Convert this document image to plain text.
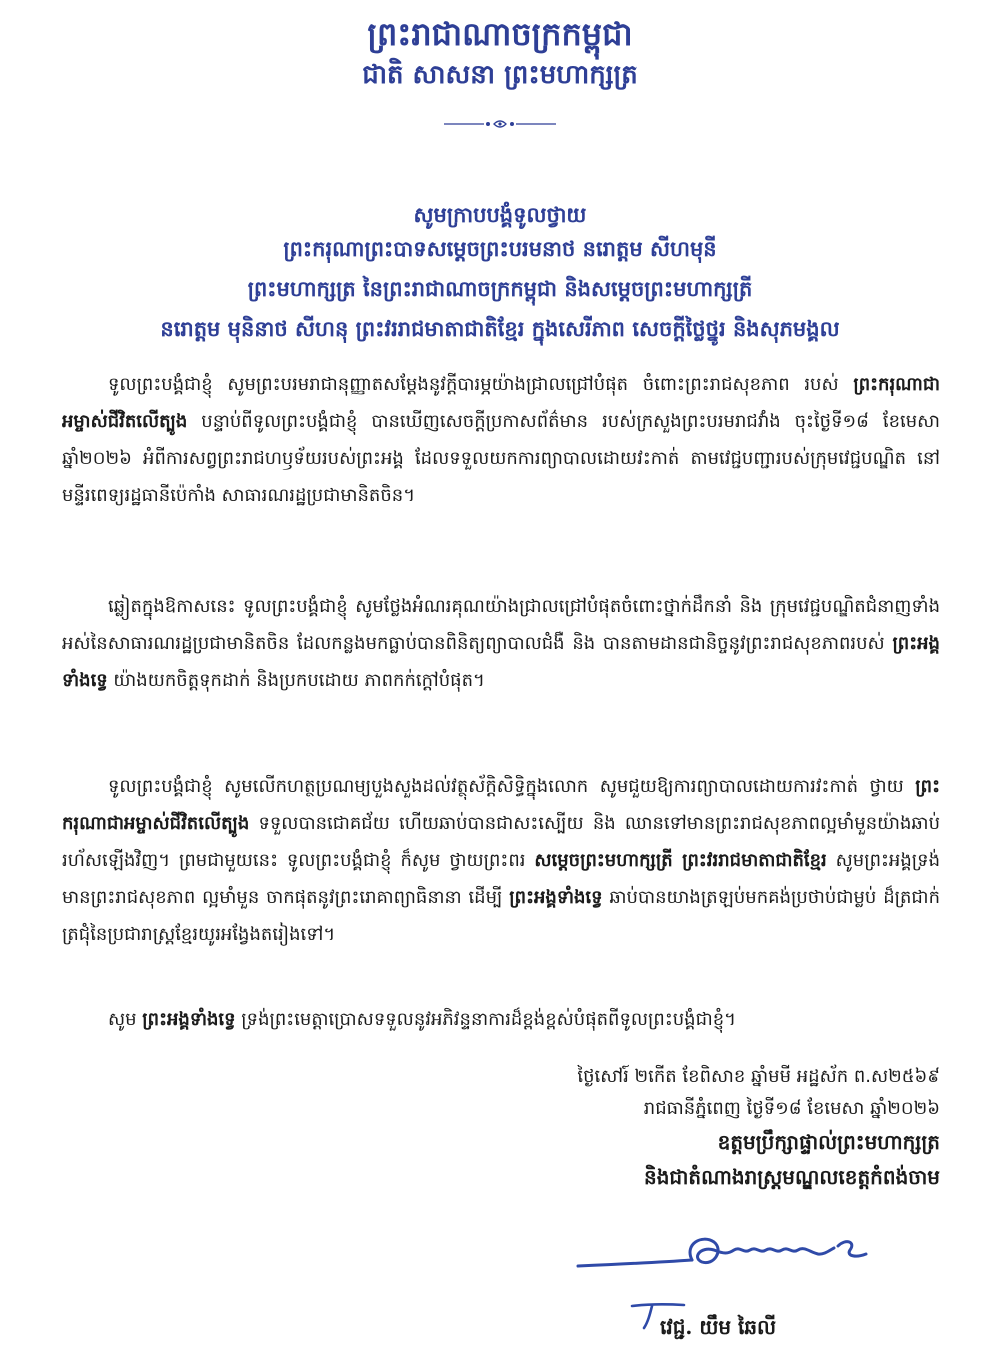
ព្រះរាជាណាចក្រកម្ពុជា
ជាតិ សាសនា ព្រះមហាក្សត្រ
សូមក្រាបបង្គំទូលថ្វាយ
ព្រះករុណាព្រះបាទសម្តេចព្រះបរមនាថ នរោត្តម សីហមុនី
ព្រះមហាក្សត្រ នៃព្រះរាជាណាចក្រកម្ពុជា និងសម្តេចព្រះមហាក្សត្រី
នរោត្តម មុនិនាថ សីហនុ ព្រះវររាជមាតាជាតិខ្មែរ ក្នុងសេរីភាព សេចក្តីថ្លៃថ្នូរ និងសុភមង្គល
ទូលព្រះបង្គំជាខ្ញុំ សូមព្រះបរមរាជានុញ្ញាតសម្តែងនូវក្តីបារម្ភយ៉ាងជ្រាលជ្រៅបំផុត ចំពោះព្រះរាជសុខភាព របស់ ព្រះករុណាជាអម្ចាស់ជីវិតលើត្បូង បន្ទាប់ពីទូលព្រះបង្គំជាខ្ញុំ បានឃើញសេចក្តីប្រកាសព័ត៌មាន របស់ក្រសួងព្រះបរមរាជវាំង ចុះថ្ងៃទី១៨ ខែមេសា ឆ្នាំ២០២៦ អំពីការសព្វព្រះរាជហឫទ័យរបស់ព្រះអង្គ ដែលទទួលយកការព្យាបាលដោយវះកាត់ តាមវេជ្ជបញ្ជារបស់ក្រុមវេជ្ជបណ្ឌិត នៅមន្ទីរពេទ្យរដ្ឋធានីប៉េកាំង សាធារណរដ្ឋប្រជាមានិតចិន។
ឆ្លៀតក្នុងឱកាសនេះ ទូលព្រះបង្គំជាខ្ញុំ សូមថ្លែងអំណរគុណយ៉ាងជ្រាលជ្រៅបំផុតចំពោះថ្នាក់ដឹកនាំ និង ក្រុមវេជ្ជបណ្ឌិតជំនាញទាំងអស់នៃសាធារណរដ្ឋប្រជាមានិតចិន ដែលកន្លងមកធ្លាប់បានពិនិត្យព្យាបាលជំងឺ និង បានតាមដានជានិច្ចនូវព្រះរាជសុខភាពរបស់ ព្រះអង្គទាំងទ្វេ យ៉ាងយកចិត្តទុកដាក់ និងប្រកបដោយ ភាពកក់ក្តៅបំផុត។
ទូលព្រះបង្គំជាខ្ញុំ សូមលើកហត្ថប្រណម្យបួងសួងដល់វត្ថុស័ក្តិសិទ្ធិក្នុងលោក សូមជួយឱ្យការព្យាបាលដោយការវះកាត់ ថ្វាយ ព្រះករុណាជាអម្ចាស់ជីវិតលើត្បូង ទទួលបានជោគជ័យ ហើយឆាប់បានជាសះស្បើយ និង ឈានទៅមានព្រះរាជសុខភាពល្អមាំមួនយ៉ាងឆាប់រហ័សឡើងវិញ។ ព្រមជាមួយនេះ ទូលព្រះបង្គំជាខ្ញុំ ក៏សូម ថ្វាយព្រះពរ សម្តេចព្រះមហាក្សត្រី ព្រះវររាជមាតាជាតិខ្មែរ សូមព្រះអង្គទ្រង់មានព្រះរាជសុខភាព ល្អមាំមួន ចាកផុតនូវព្រះរោគាព្យាធិនានា ដើម្បី ព្រះអង្គទាំងទ្វេ ឆាប់បានយាងត្រឡប់មកគង់ប្រថាប់ជាម្លប់ ដ៏ត្រជាក់ត្រជុំនៃប្រជារាស្ត្រខ្មែរយូរអង្វែងតរៀងទៅ។
សូម ព្រះអង្គទាំងទ្វេ ទ្រង់ព្រះមេត្តាប្រោសទទួលនូវអភិវន្ទនាការដ៏ខ្ពង់ខ្ពស់បំផុតពីទូលព្រះបង្គំជាខ្ញុំ។
ថ្ងៃសៅរ៍ ២កើត ខែពិសាខ ឆ្នាំមមី អដ្ឋស័ក ព.ស២៥៦៩
រាជធានីភ្នំពេញ ថ្ងៃទី១៨ ខែមេសា ឆ្នាំ២០២៦
ឧត្តមប្រឹក្សាផ្ទាល់ព្រះមហាក្សត្រ
និងជាតំណាងរាស្ត្រមណ្ឌលខេត្តកំពង់ចាម
វេជ្ជ. យឹម ឆៃលី
